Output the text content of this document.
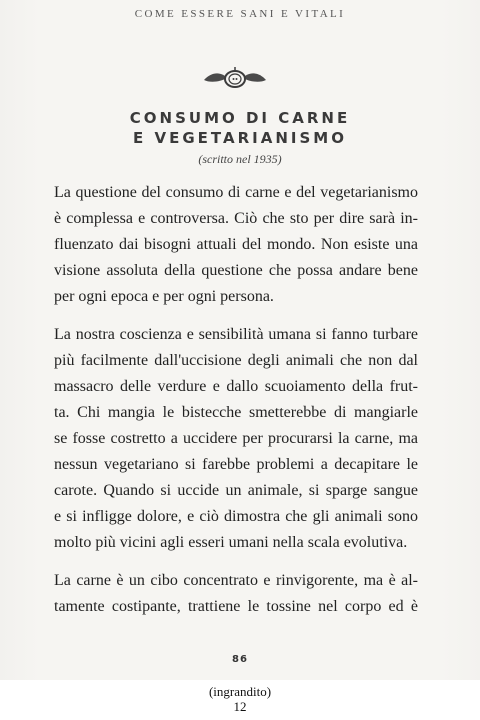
COME ESSERE SANI E VITALI
CONSUMO DI CARNE
E VEGETARIANISMO
(scritto nel 1935)

La questione del consumo di carne e del vegetarianismo
è complessa e controversa. Ciò che sto per dire sarà in-
fluenzato dai bisogni attuali del mondo. Non esiste una
visione assoluta della questione che possa andare bene
per ogni epoca e per ogni persona.

La nostra coscienza e sensibilità umana si fanno turbare
più facilmente dall'uccisione degli animali che non dal
massacro delle verdure e dallo scuoiamento della frut-
ta. Chi mangia le bistecche smetterebbe di mangiarle
se fosse costretto a uccidere per procurarsi la carne, ma
nessun vegetariano si farebbe problemi a decapitare le
carote. Quando si uccide un animale, si sparge sangue
e si infligge dolore, e ciò dimostra che gli animali sono
molto più vicini agli esseri umani nella scala evolutiva.

La carne è un cibo concentrato e rinvigorente, ma è al-
tamente costipante, trattiene le tossine nel corpo ed è

86
(ingrandito)
12
